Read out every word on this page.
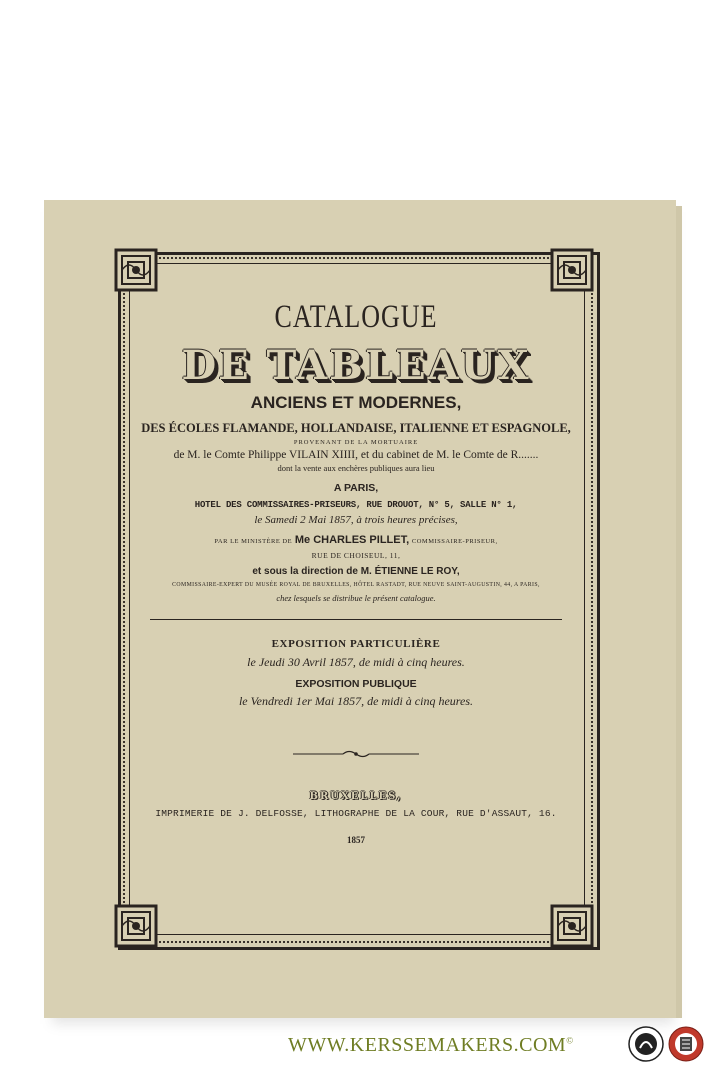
CATALOGUE
DE TABLEAUX
ANCIENS ET MODERNES,
DES ÉCOLES FLAMANDE, HOLLANDAISE, ITALIENNE ET ESPAGNOLE,
PROVENANT DE LA MORTUAIRE
de M. le Comte Philippe VILAIN XIIII, et du cabinet de M. le Comte de R.......
dont la vente aux enchères publiques aura lieu
A PARIS,
HOTEL DES COMMISSAIRES-PRISEURS, RUE DROUOT, N° 5, SALLE N° 1,
le Samedi 2 Mai 1857, à trois heures précises,
PAR LE MINISTÈRE DE Me CHARLES PILLET, COMMISSAIRE-PRISEUR,
RUE DE CHOISEUL, 11,
et sous la direction de M. ÉTIENNE LE ROY,
COMMISSAIRE-EXPERT DU MUSÉE ROYAL DE BRUXELLES, HÔTEL RASTADT, RUE NEUVE SAINT-AUGUSTIN, 44, A PARIS,
chez lesquels se distribue le présent catalogue.
EXPOSITION PARTICULIÈRE
le Jeudi 30 Avril 1857, de midi à cinq heures.
EXPOSITION PUBLIQUE
le Vendredi 1er Mai 1857, de midi à cinq heures.
BRUXELLES,
IMPRIMERIE DE J. DELFOSSE, LITHOGRAPHE DE LA COUR, RUE D'ASSAUT, 16.
1857
WWW.KERSSEMAKERS.COM©
